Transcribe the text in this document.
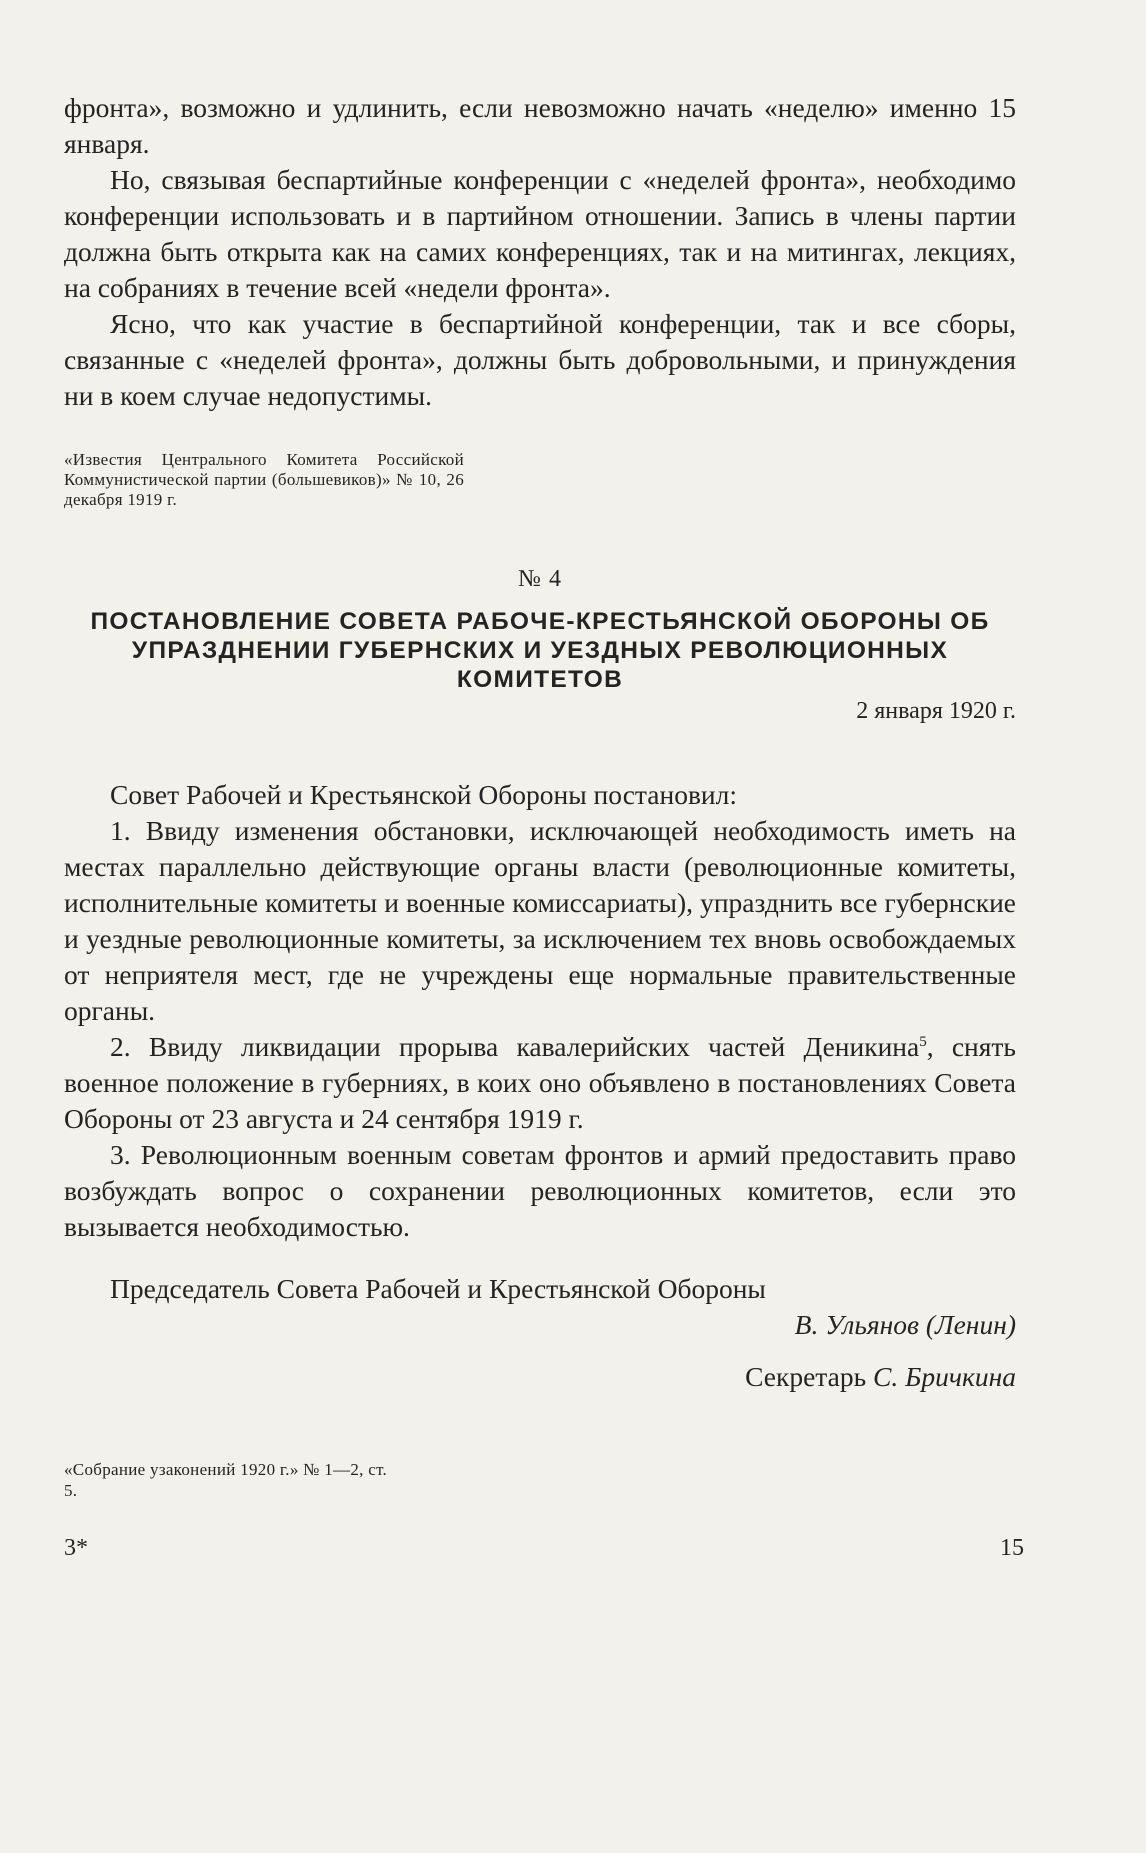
фронта», возможно и удлинить, если невозможно начать «неделю» именно 15 января.

Но, связывая беспартийные конференции с «неделей фронта», необходимо конференции использовать и в партийном отношении. Запись в члены партии должна быть открыта как на самих конференциях, так и на митингах, лекциях, на собраниях в течение всей «недели фронта».

Ясно, что как участие в беспартийной конференции, так и все сборы, связанные с «неделей фронта», должны быть добровольными, и принуждения ни в коем случае недопустимы.

«Известия Центрального Комитета Российской Коммунистической партии (большевиков)» № 10, 26 декабря 1919 г.

№ 4

ПОСТАНОВЛЕНИЕ СОВЕТА РАБОЧЕ-КРЕСТЬЯНСКОЙ ОБОРОНЫ ОБ УПРАЗДНЕНИИ ГУБЕРНСКИХ И УЕЗДНЫХ РЕВОЛЮЦИОННЫХ КОМИТЕТОВ

2 января 1920 г.

Совет Рабочей и Крестьянской Обороны постановил:

1. Ввиду изменения обстановки, исключающей необходимость иметь на местах параллельно действующие органы власти (революционные комитеты, исполнительные комитеты и военные комиссариаты), упразднить все губернские и уездные революционные комитеты, за исключением тех вновь освобождаемых от неприятеля мест, где не учреждены еще нормальные правительственные органы.

2. Ввиду ликвидации прорыва кавалерийских частей Деникина$^5$, снять военное положение в губерниях, в коих оно объявлено в постановлениях Совета Обороны от 23 августа и 24 сентября 1919 г.

3. Революционным военным советам фронтов и армий предоставить право возбуждать вопрос о сохранении революционных комитетов, если это вызывается необходимостью.

Председатель Совета Рабочей и Крестьянской Обороны
В. Ульянов (Ленин)
Секретарь С. Бричкина

«Собрание узаконений 1920 г.» № 1—2, ст. 5.

3*	15
